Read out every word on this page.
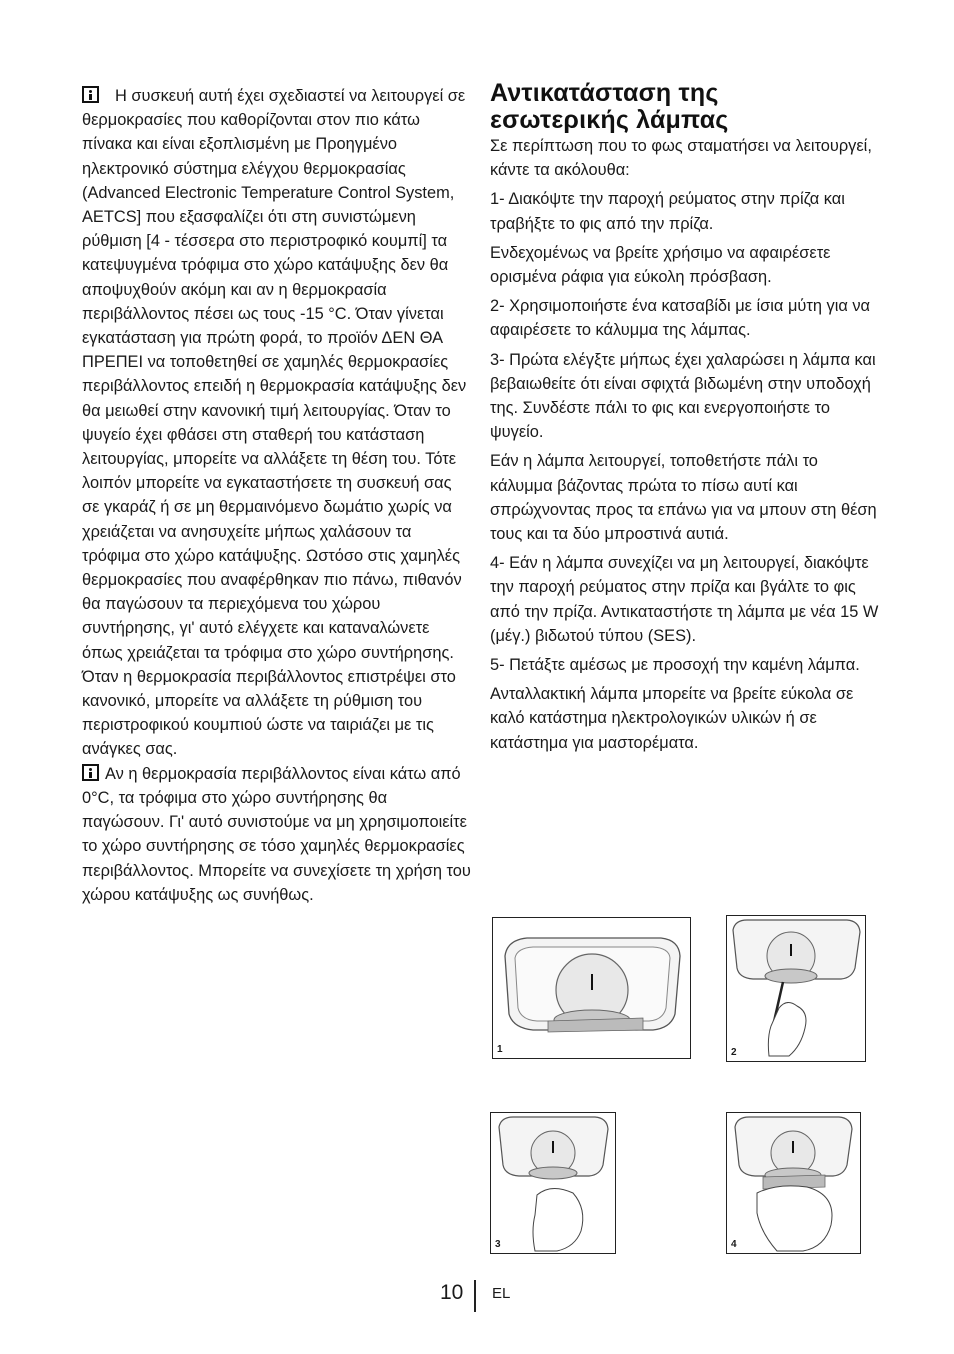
Η συσκευή αυτή έχει σχεδιαστεί να λειτουργεί σε θερμοκρασίες που καθορίζονται στον πιο κάτω πίνακα και είναι εξοπλισμένη με Προηγμένο ηλεκτρονικό σύστημα ελέγχου θερμοκρασίας (Advanced Electronic Temperature Control System, AETCS] που εξασφαλίζει ότι στη συνιστώμενη ρύθμιση [4 - τέσσερα στο περιστροφικό κουμπί] τα κατεψυγμένα τρόφιμα στο χώρο κατάψυξης δεν θα αποψυχθούν ακόμη και αν η θερμοκρασία περιβάλλοντος πέσει ως τους -15 °C. Όταν γίνεται εγκατάσταση για πρώτη φορά, το προϊόν ΔΕΝ ΘΑ ΠΡΕΠΕΙ να τοποθετηθεί σε χαμηλές θερμοκρασίες περιβάλλοντος επειδή η θερμοκρασία κατάψυξης δεν θα μειωθεί στην κανονική τιμή λειτουργίας. Όταν το ψυγείο έχει φθάσει στη σταθερή του κατάσταση λειτουργίας, μπορείτε να αλλάξετε τη θέση του. Τότε λοιπόν μπορείτε να εγκαταστήσετε τη συσκευή σας σε γκαράζ ή σε μη θερμαινόμενο δωμάτιο χωρίς να χρειάζεται να ανησυχείτε μήπως χαλάσουν τα τρόφιμα στο χώρο κατάψυξης. Ωστόσο στις χαμηλές θερμοκρασίες που αναφέρθηκαν πιο πάνω, πιθανόν θα παγώσουν τα περιεχόμενα του χώρου συντήρησης, γι' αυτό ελέγχετε και καταναλώνετε όπως χρειάζεται τα τρόφιμα στο χώρο συντήρησης. Όταν η θερμοκρασία περιβάλλοντος επιστρέψει στο κανονικό, μπορείτε να αλλάξετε τη ρύθμιση του περιστροφικού κουμπιού ώστε να ταιριάζει με τις ανάγκες σας.

Αν η θερμοκρασία περιβάλλοντος είναι κάτω από 0°C, τα τρόφιμα στο χώρο συντήρησης θα παγώσουν. Γι' αυτό συνιστούμε να μη χρησιμοποιείτε το χώρο συντήρησης σε τόσο χαμηλές θερμοκρασίες περιβάλλοντος. Μπορείτε να συνεχίσετε τη χρήση του χώρου κατάψυξης ως συνήθως.

Αντικατάσταση της
εσωτερικής λάμπας

Σε περίπτωση που το φως σταματήσει να λειτουργεί, κάντε τα ακόλουθα:

1- Διακόψτε την παροχή ρεύματος στην πρίζα και τραβήξτε το φις από την πρίζα.

Ενδεχομένως να βρείτε χρήσιμο να αφαιρέσετε ορισμένα ράφια για εύκολη πρόσβαση.

2- Χρησιμοποιήστε ένα κατσαβίδι με ίσια μύτη για να αφαιρέσετε το κάλυμμα της λάμπας.

3- Πρώτα ελέγξτε μήπως έχει χαλαρώσει η λάμπα και βεβαιωθείτε ότι είναι σφιχτά βιδωμένη στην υποδοχή της. Συνδέστε πάλι το φις και ενεργοποιήστε το ψυγείο.

Εάν η λάμπα λειτουργεί, τοποθετήστε πάλι το κάλυμμα βάζοντας πρώτα το πίσω αυτί και σπρώχνοντας προς τα επάνω για να μπουν στη θέση τους και τα δύο μπροστινά αυτιά.

4- Εάν η λάμπα συνεχίζει να μη λειτουργεί, διακόψτε την παροχή ρεύματος στην πρίζα και βγάλτε το φις από την πρίζα. Αντικαταστήστε τη λάμπα με νέα 15 W (μέγ.) βιδωτού τύπου (SES).

5- Πετάξτε αμέσως με προσοχή την καμένη λάμπα.

Ανταλλακτική λάμπα μπορείτε να βρείτε εύκολα σε καλό κατάστημα ηλεκτρολογικών υλικών ή σε κατάστημα για μαστορέματα.

1	2
3	4
10 EL
